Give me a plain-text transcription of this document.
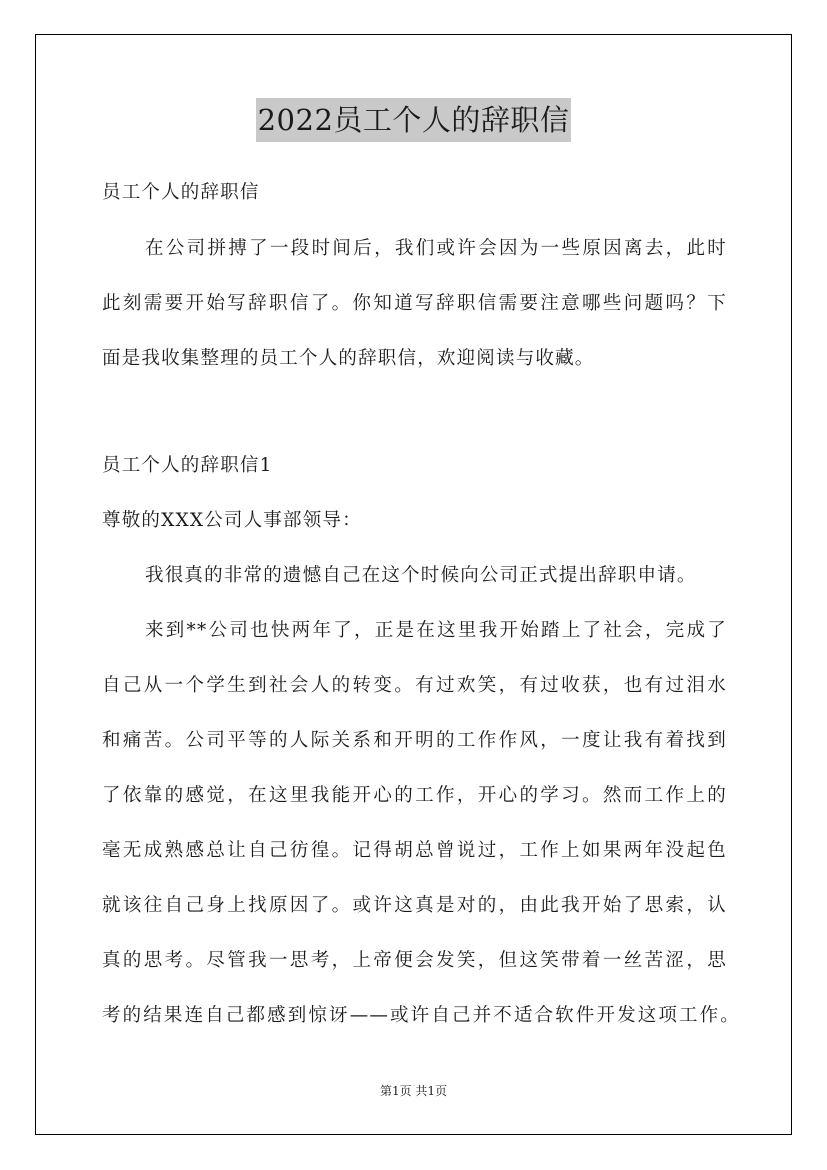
2022员工个人的辞职信
员工个人的辞职信
在公司拼搏了一段时间后，我们或许会因为一些原因离去，此时
此刻需要开始写辞职信了。你知道写辞职信需要注意哪些问题吗？下
面是我收集整理的员工个人的辞职信，欢迎阅读与收藏。
员工个人的辞职信1
尊敬的XXX公司人事部领导：
我很真的非常的遗憾自己在这个时候向公司正式提出辞职申请。
来到**公司也快两年了，正是在这里我开始踏上了社会，完成了
自己从一个学生到社会人的转变。有过欢笑，有过收获，也有过泪水
和痛苦。公司平等的人际关系和开明的工作作风，一度让我有着找到
了依靠的感觉，在这里我能开心的工作，开心的学习。然而工作上的
毫无成熟感总让自己彷徨。记得胡总曾说过，工作上如果两年没起色
就该往自己身上找原因了。或许这真是对的，由此我开始了思索，认
真的思考。尽管我一思考，上帝便会发笑，但这笑带着一丝苦涩，思
考的结果连自己都感到惊讶——或许自己并不适合软件开发这项工作。
第1页 共1页
